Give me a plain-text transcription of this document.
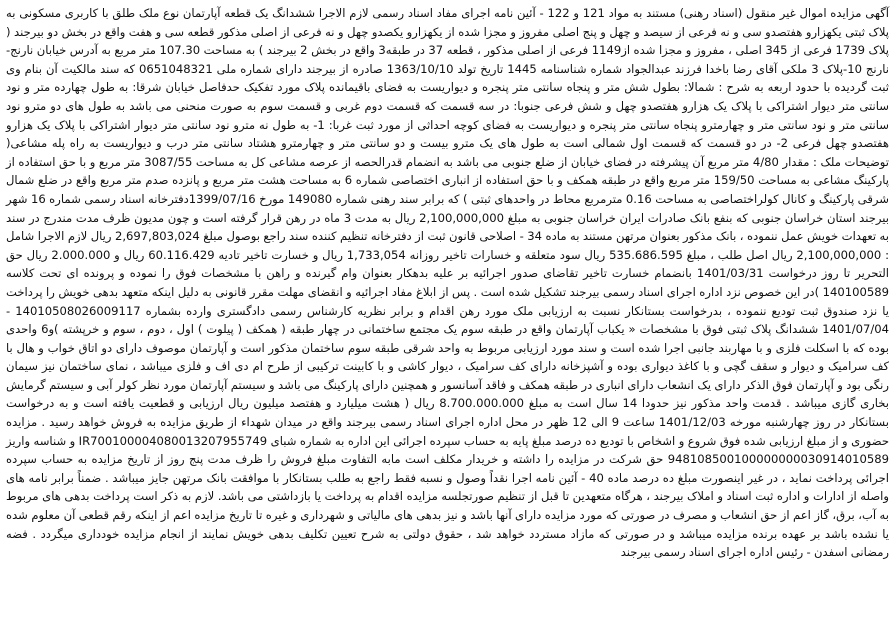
آگهی مزایده اموال غیر منقول (اسناد رهنی) مستند به مواد 121 و 122 - آئین نامه اجرای مفاد اسناد رسمی لازم الاجرا ششدانگ یک قطعه آپارتمان نوع ملک طلق با کاربری مسکونی به پلاک ثبتی یکهزارو هفتصدو سی و نه فرعی از سیصد و چهل و پنج اصلی مفروز و مجزا شده از یکهزارو یکصدو چهل و نه فرعی از اصلی مذکور قطعه سی و هفت واقع در بخش دو بیرجند ( پلاک 1739 فرعی از 345 اصلی ، مفروز و مجزا شده از1149 فرعی از اصلی مذکور ، قطعه 37 در طبقه3 واقع در بخش 2 بیرجند ) به مساحت 107.30 متر مربع به آدرس خیابان نارنج-نارنج 10-پلاک 3 ملکی آقای رضا باخدا فرزند عبدالجواد شماره شناسنامه 1445 تاریخ تولد 1363/10/10 صادره از بیرجند دارای شماره ملی 0651048321 که سند مالکیت آن بنام وی ثبت گردیده با حدود اربعه به شرح : شمالا: بطول شش متر و پنجاه سانتی متر پنجره و دیواریست به فضای باقیمانده پلاک مورد تفکیک حدفاصل خیابان شرقا: به طول چهارده متر و نود سانتی متر دیوار اشتراکی با پلاک یک هزارو هفتصدو چهل و شش فرعی جنوبا: در سه قسمت که قسمت دوم غربی و قسمت سوم به صورت منحنی می باشد به طول های دو مترو نود سانتی متر و نود سانتی متر و چهارمترو پنجاه سانتی متر پنجره و دیواریست به فضای کوچه احداثی از مورد ثبت غربا: 1- به طول نه مترو نود سانتی متر دیوار اشتراکی با پلاک یک هزارو هفتصدو چهل فرعی 2- در دو قسمت که قسمت اول شمالی است به طول های یک مترو بیست و دو سانتی متر و چهارمترو هشتاد سانتی متر درب و دیواریست به راه پله مشاعی( توضیحات ملک : مقدار 4/80 متر مربع آن پیشرفته در فضای خیابان از ضلع جنوبی می باشد به انضمام قدرالحصه از عرصه مشاعی کل به مساحت 3087/55 متر مربع و با حق استفاده از پارکینگ مشاعی به مساحت 159/50 متر مربع واقع در طبقه همکف و با حق استفاده از انباری اختصاصی شماره 6 به مساحت هشت متر مربع و پانزده صدم متر مربع واقع در ضلع شمال شرقی پارکینگ و کانال کولراختصاصی به مساحت 0.16 مترمربع محاط در واحدهای ثبتی ) که برابر سند رهنی شماره 149080 مورخ 1399/07/16دفترخانه اسناد رسمی شماره 16 شهر بیرجند استان خراسان جنوبی که بنفع بانک صادرات ایران خراسان جنوبی به مبلغ 2,100,000,000 ریال به مدت 3 ماه در رهن قرار گرفته است و چون مدیون ظرف مدت مندرج در سند به تعهدات خویش عمل ننموده ، بانک مذکور بعنوان مرتهن مستند به ماده 34 - اصلاحی قانون ثبت از دفترخانه تنظیم کننده سند راجع بوصول مبلغ 2,697,803,024 ریال لازم الاجرا شامل : 2,100,000,000 ریال اصل طلب ، مبلغ 535.686.595 ریال سود متعلقه و خسارات تاخیر روزانه 1,733,054 ریال و خسارت تاخیر تادیه 60.116.429 ریال و 2.000.000 ریال حق التحریر تا روز درخواست 1401/03/31 بانضمام خسارت تاخیر تقاضای صدور اجرائیه بر علیه بدهکار بعنوان وام گیرنده و راهن با مشخصات فوق را نموده و پرونده ای تحت کلاسه 140100589 )در این خصوص نزد اداره اجرای اسناد رسمی بیرجند تشکیل شده است . پس از ابلاغ مفاد اجرائیه و انقضای مهلت مقرر قانونی به دلیل اینکه متعهد بدهی خویش را پرداخت یا نزد صندوق ثبت تودیع ننموده ، بدرخواست بستانکار نسبت به ارزیابی ملک مورد رهن اقدام و برابر نظریه کارشناس رسمی دادگستری وارده بشماره 14010508026009117 - 1401/07/04 ششدانگ پلاک ثبتی فوق با مشخصات « یکباب آپارتمان واقع در طبقه سوم یک مجتمع ساختمانی در چهار طبقه ( همکف ( پیلوت ) اول ، دوم ، سوم و خرپشته )و6 واحدی بوده که با اسکلت فلزی و با مهاربند جانبی اجرا شده است و سند مورد ارزیابی مربوط به واحد شرقی طبقه سوم ساختمان مذکور است و آپارتمان موصوف دارای دو اتاق خواب و هال با کف سرامیک و دیوار و سقف گچی و با کاغذ دیواری بوده و آشپزخانه دارای کف سرامیک ، دیوار کاشی و با کابینت ترکیبی از طرح ام دی اف و فلزی میباشد ، نمای ساختمان نیز سیمان رنگی بود و آپارتمان فوق الذکر دارای یک انشعاب دارای انباری در طبقه همکف و فاقد آسانسور و همچنین دارای پارکینگ می باشد و سیستم آپارتمان مورد نظر کولر آبی و سیستم گرمایش بخاری گازی میباشد . قدمت واحد مذکور نیز حدودا 14 سال است به مبلغ 8.700.000.000 ریال ( هشت میلیارد و هفتصد میلیون ریال ارزیابی و قطعیت یافته است و به درخواست بستانکار در روز چهارشنبه مورخه 1401/12/03 ساعت 9 الی 12 ظهر در محل اداره اجرای اسناد رسمی بیرجند واقع در میدان شهداء از طریق مزایده به فروش خواهد رسید . مزایده حضوری و از مبلغ ارزیابی شده فوق شروع و اشخاص با تودیع ده درصد مبلغ پایه به حساب سپرده اجرائی این اداره به شماره شبای IR700100004080013207955749 و شناسه واریز 948108500100000000030914010589 حق شرکت در مزایده را داشته و خریدار مکلف است مابه التفاوت مبلغ فروش را ظرف مدت پنج روز از تاریخ مزایده به حساب سپرده اجرائی پرداخت نماید ، در غیر اینصورت مبلغ ده درصد ماده 40 - آئین نامه اجرا نقداً وصول و نسبه فقط راجع به طلب بستانکار با موافقت بانک مرتهن جایز میباشد . ضمناً برابر نامه های واصله از ادارات و اداره ثبت اسناد و املاک بیرجند ، هرگاه متعهدین تا قبل از تنظیم صورتجلسه مزایده اقدام به پرداخت یا بازداشتی می باشد. لازم به ذکر است پرداخت بدهی های مربوط به آب، برق، گاز اعم از حق انشعاب و مصرف در صورتی که مورد مزایده دارای آنها باشد و نیز بدهی های مالیاتی و شهرداری و غیره تا تاریخ مزایده اعم از اینکه رقم قطعی آن معلوم شده یا نشده باشد بر عهده برنده مزایده میباشد و در صورتی که مازاد مستردد خواهد شد ، حقوق دولتی به شرح تعیین تکلیف بدهی خویش نمایند از انجام مزایده خودداری میگردد . فضه رمضانی اسفدن - رئیس اداره اجرای اسناد رسمی بیرجند
